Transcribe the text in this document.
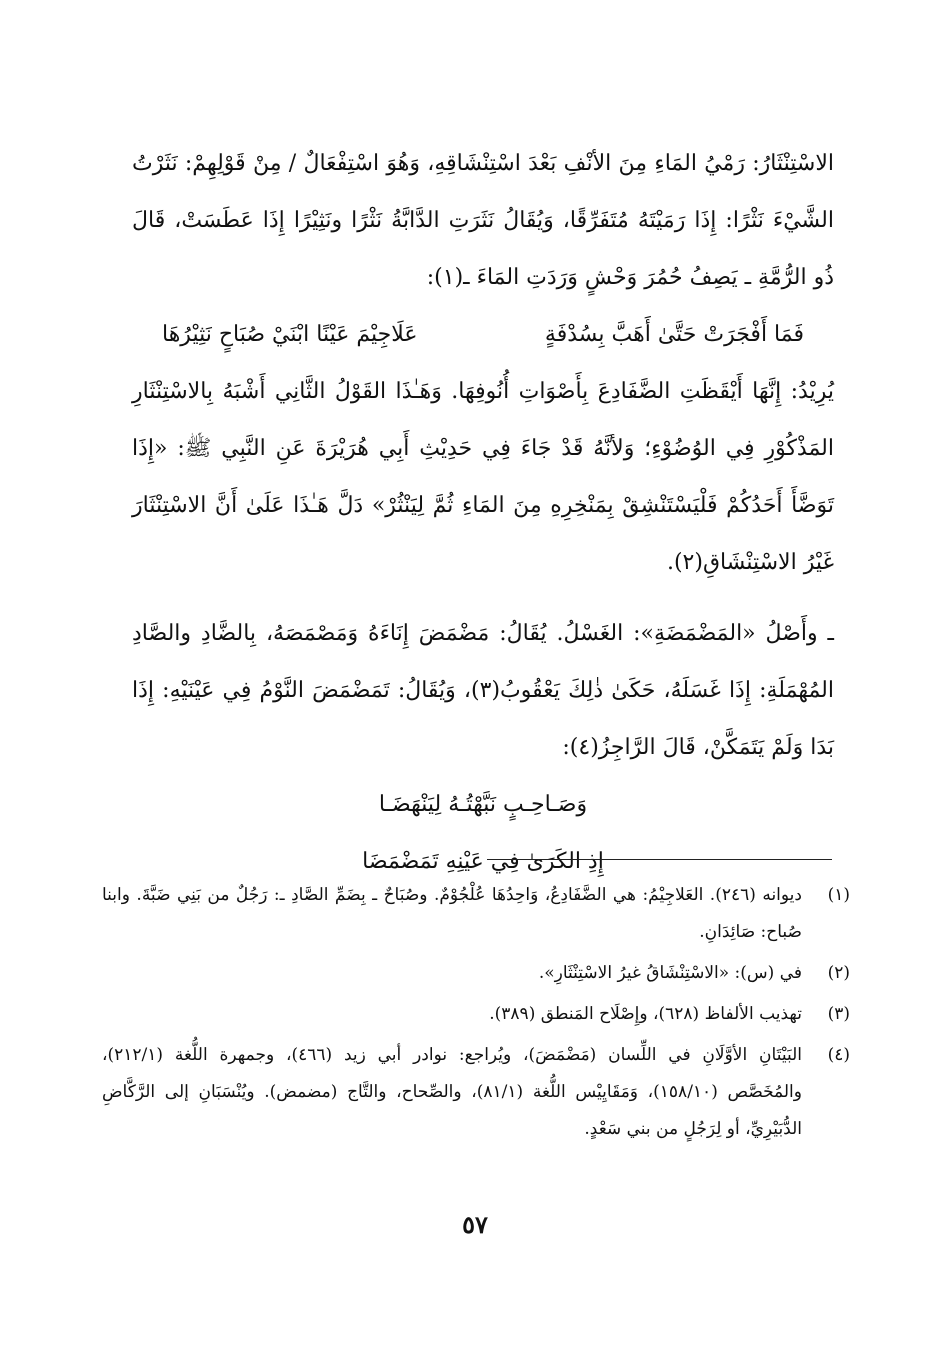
الاسْتِنْثَارُ: رَمْيُ المَاءِ مِنَ الأنْفِ بَعْدَ اسْتِنْشَاقِهِ، وَهُوَ اسْتِفْعَالٌ / مِنْ قَوْلِهِمْ: نَثَرْتُ الشَّيْءَ نَثْرًا: إِذَا رَمَيْتَهُ مُتَفَرِّقًا، وَيُقَالُ نَثَرَتِ الدَّابَّةُ نَثْرًا ونَثِيْرًا إِذَا عَطَسَتْ، قَالَ ذُو الرُّمَّةِ ـ يَصِفُ حُمُرَ وَحْشٍ وَرَدَتِ المَاءَ ـ(١):

فَمَا أَفْجَرَتْ حَتَّىٰ أَهَبَّ بِسُدْفَةٍ
عَلَاجِيْمَ عَيْنًا ابْنَيْ صُبَاحٍ نَثِيْرُهَا

يُرِيْدُ: إِنَّهَا أَيْقَظَتِ الضَّفَادِعَ بِأَصْوَاتِ أُنُوفِهَا. وَهَـٰذَا القَوْلُ الثَّانِي أَشْبَهُ بِالاسْتِنْثَارِ المَذْكُوْرِ فِي الوُضُوْءِ؛ وَلأنَّهُ قَدْ جَاءَ فِي حَدِيْثِ أَبِي هُرَيْرَةَ عَنِ النَّبِي ﷺ: «إِذَا تَوَضَّأَ أَحَدُكُمْ فَلْيَسْتَنْشِقْ بِمَنْخِرِهِ مِنَ المَاءِ ثُمَّ لِيَنْثُرْ» دَلَّ هَـٰذَا عَلَىٰ أَنَّ الاسْتِنْثَارَ غَيْرُ الاسْتِنْشَاقِ(٢).

ـ وأَصْلُ «المَضْمَضَةِ»: الغَسْلُ. يُقَالُ: مَضْمَضَ إِنَاءَهُ وَمَصْمَصَهُ، بِالضَّادِ والصَّادِ المُهْمَلَةِ: إِذَا غَسَلَهُ، حَكَىٰ ذٰلِكَ يَعْقُوبُ(٣)، وَيُقَالُ: تَمَضْمَضَ النَّوْمُ فِي عَيْنَيْهِ: إِذَا بَدَا وَلَمْ يَتَمَكَّنْ، قَالَ الرَّاجِزُ(٤):

وَصَـاحِـبٍ نَبَّهْتُـهُ لِيَنْهَضَـا
إِذِ الكَرَىٰ فِي عَيْنِهِ تَمَضْمَضَا
(١)
ديوانه (٢٤٦). العَلاجِيْمُ: هي الضَّفَادِعُ، وَاحِدُهَا عُلْجُوْمٌ. وصُبَاحٌ ـ بِضَمِّ الصَّادِ ـ: رَجُلٌ من بَنِي ضَبَّةَ. وابنا صُباح: صَائِدَانِ.
(٢)
في (س): «الاسْتِنْشَاقُ غيرُ الاسْتِنْثَارِ».
(٣)
تهذيب الألفاظ (٦٢٨)، وإِصْلَاح المَنطق (٣٨٩).
(٤)
البَيْتَانِ الأوَّلَانِ في اللِّسان (مَضْمَضَ)، ويُراجع: نوادر أبي زيد (٤٦٦)، وجمهرة اللُّغة (٢١٢/١)، والمُخَصَّص (١٥٨/١٠)، وَمَقَايِيْس اللُّغة (٨١/١)، والصِّحاح، والتَّاج (مضمض). ويُنْسَبَانِ إلى الرَّكَّاضِ الدُّبَيْرِيِّ، أو لِرَجُلٍ من بني سَعْدٍ.
٥٧
